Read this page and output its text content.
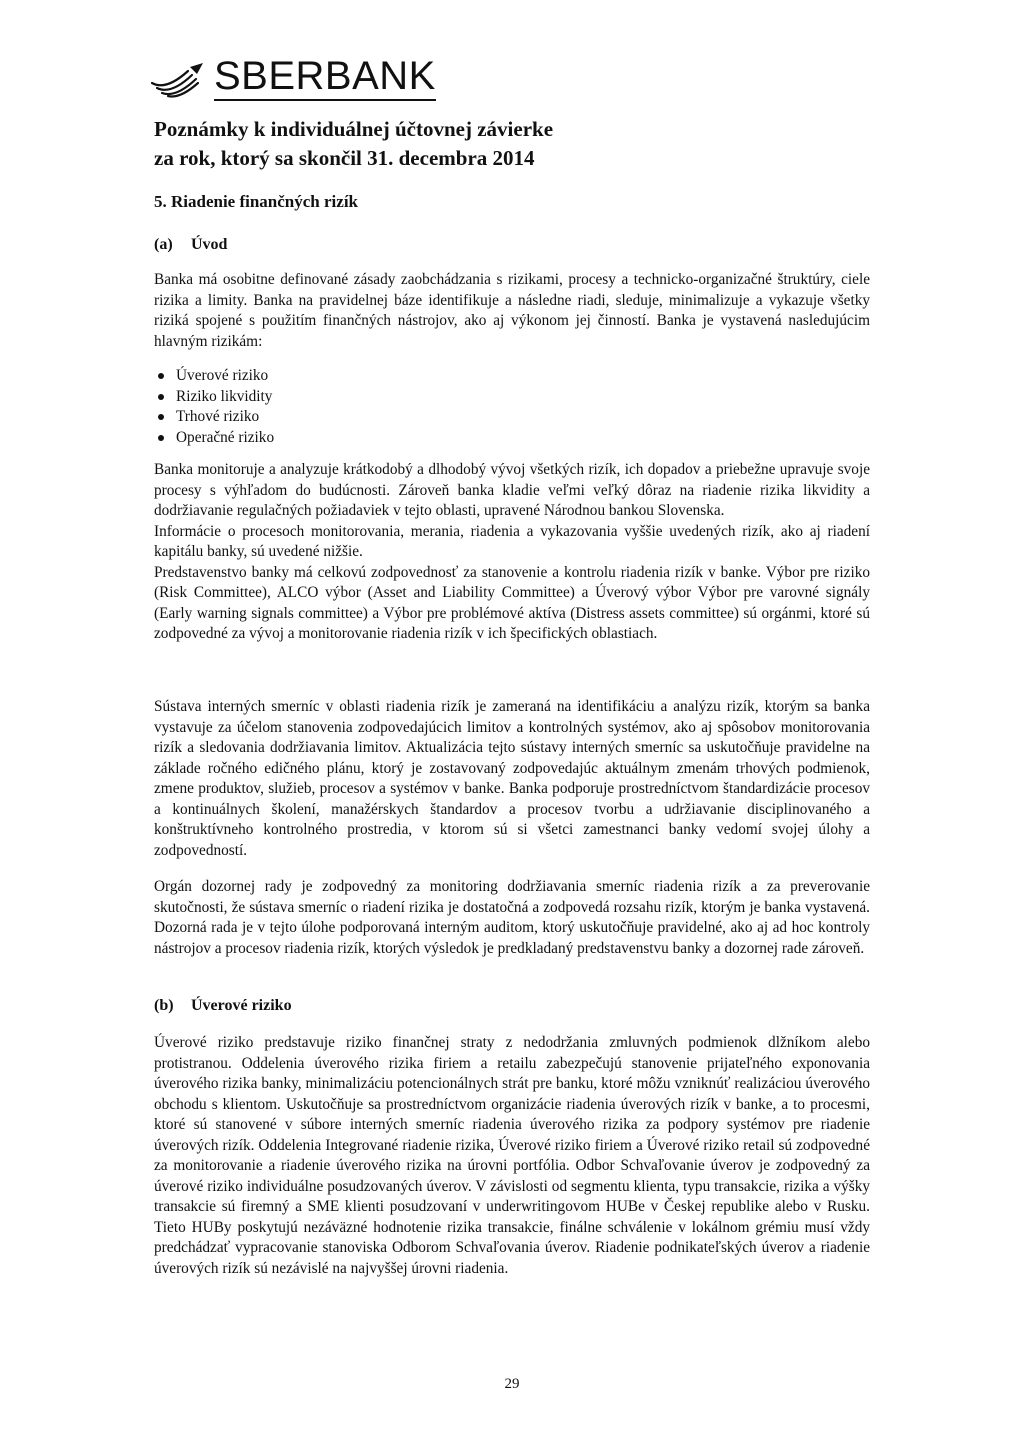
SBERBANK
Poznámky k individuálnej účtovnej závierke
za rok, ktorý sa skončil 31. decembra 2014
5. Riadenie finančných rizík
(a) Úvod

Banka má osobitne definované zásady zaobchádzania s rizikami, procesy a technicko-organizačné štruktúry, ciele rizika a limity. Banka na pravidelnej báze identifikuje a následne riadi, sleduje, minimalizuje a vykazuje všetky riziká spojené s použitím finančných nástrojov, ako aj výkonom jej činností. Banka je vystavená nasledujúcim hlavným rizikám:

Úverové riziko
Riziko likvidity
Trhové riziko
Operačné riziko

Banka monitoruje a analyzuje krátkodobý a dlhodobý vývoj všetkých rizík, ich dopadov a priebežne upravuje svoje procesy s výhľadom do budúcnosti. Zároveň banka kladie veľmi veľký dôraz na riadenie rizika likvidity a dodržiavanie regulačných požiadaviek v tejto oblasti, upravené Národnou bankou Slovenska.

Informácie o procesoch monitorovania, merania, riadenia a vykazovania vyššie uvedených rizík, ako aj riadení kapitálu banky, sú uvedené nižšie.

Predstavenstvo banky má celkovú zodpovednosť za stanovenie a kontrolu riadenia rizík v banke. Výbor pre riziko (Risk Committee), ALCO výbor (Asset and Liability Committee) a Úverový výbor Výbor pre varovné signály (Early warning signals committee) a Výbor pre problémové aktíva (Distress assets committee) sú orgánmi, ktoré sú zodpovedné za vývoj a monitorovanie riadenia rizík v ich špecifických oblastiach.

Sústava interných smerníc v oblasti riadenia rizík je zameraná na identifikáciu a analýzu rizík, ktorým sa banka vystavuje za účelom stanovenia zodpovedajúcich limitov a kontrolných systémov, ako aj spôsobov monitorovania rizík a sledovania dodržiavania limitov. Aktualizácia tejto sústavy interných smerníc sa uskutočňuje pravidelne na základe ročného edičného plánu, ktorý je zostavovaný zodpovedajúc aktuálnym zmenám trhových podmienok, zmene produktov, služieb, procesov a systémov v banke. Banka podporuje prostredníctvom štandardizácie procesov a kontinuálnych školení, manažérskych štandardov a procesov tvorbu a udržiavanie disciplinovaného a konštruktívneho kontrolného prostredia, v ktorom sú si všetci zamestnanci banky vedomí svojej úlohy a zodpovedností.

Orgán dozornej rady je zodpovedný za monitoring dodržiavania smerníc riadenia rizík a za preverovanie skutočnosti, že sústava smerníc o riadení rizika je dostatočná a zodpovedá rozsahu rizík, ktorým je banka vystavená. Dozorná rada je v tejto úlohe podporovaná interným auditom, ktorý uskutočňuje pravidelné, ako aj ad hoc kontroly nástrojov a procesov riadenia rizík, ktorých výsledok je predkladaný predstavenstvu banky a dozornej rade zároveň.

(b) Úverové riziko

Úverové riziko predstavuje riziko finančnej straty z nedodržania zmluvných podmienok dlžníkom alebo protistranou. Oddelenia úverového rizika firiem a retailu zabezpečujú stanovenie prijateľného exponovania úverového rizika banky, minimalizáciu potencionálnych strát pre banku, ktoré môžu vzniknúť realizáciou úverového obchodu s klientom. Uskutočňuje sa prostredníctvom organizácie riadenia úverových rizík v banke, a to procesmi, ktoré sú stanovené v súbore interných smerníc riadenia úverového rizika za podpory systémov pre riadenie úverových rizík. Oddelenia Integrované riadenie rizika, Úverové riziko firiem a Úverové riziko retail sú zodpovedné za monitorovanie a riadenie úverového rizika na úrovni portfólia. Odbor Schvaľovanie úverov je zodpovedný za úverové riziko individuálne posudzovaných úverov. V závislosti od segmentu klienta, typu transakcie, rizika a výšky transakcie sú firemný a SME klienti posudzovaní v underwritingovom HUBe v Českej republike alebo v Rusku. Tieto HUBy poskytujú nezáväzné hodnotenie rizika transakcie, finálne schválenie v lokálnom grémiu musí vždy predchádzať vypracovanie stanoviska Odborom Schvaľovania úverov. Riadenie podnikateľských úverov a riadenie úverových rizík sú nezávislé na najvyššej úrovni riadenia.

29
